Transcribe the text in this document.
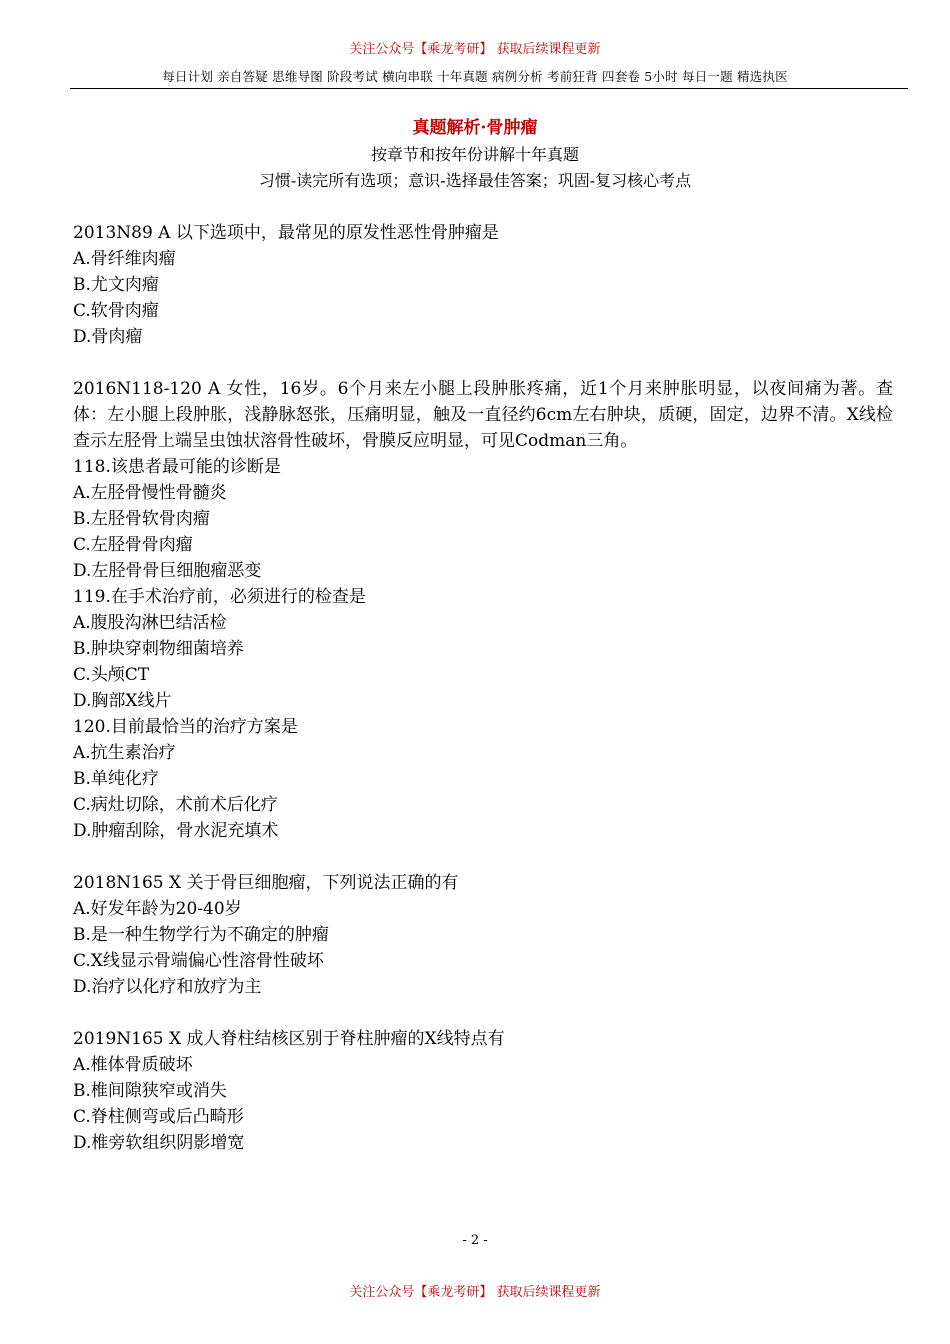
关注公众号【乘龙考研】 获取后续课程更新
每日计划 亲自答疑 思维导图 阶段考试 横向串联 十年真题 病例分析 考前狂背 四套卷 5小时 每日一题 精选执医
真题解析·骨肿瘤
按章节和按年份讲解十年真题
习惯-读完所有选项；意识-选择最佳答案；巩固-复习核心考点
2013N89 A 以下选项中，最常见的原发性恶性骨肿瘤是
A.骨纤维肉瘤
B.尤文肉瘤
C.软骨肉瘤
D.骨肉瘤
2016N118-120 A 女性，16岁。6个月来左小腿上段肿胀疼痛，近1个月来肿胀明显，以夜间痛为著。查体：左小腿上段肿胀，浅静脉怒张，压痛明显，触及一直径约6cm左右肿块，质硬，固定，边界不清。X线检查示左胫骨上端呈虫蚀状溶骨性破坏，骨膜反应明显，可见Codman三角。
118.该患者最可能的诊断是
A.左胫骨慢性骨髓炎
B.左胫骨软骨肉瘤
C.左胫骨骨肉瘤
D.左胫骨骨巨细胞瘤恶变
119.在手术治疗前，必须进行的检查是
A.腹股沟淋巴结活检
B.肿块穿刺物细菌培养
C.头颅CT
D.胸部X线片
120.目前最恰当的治疗方案是
A.抗生素治疗
B.单纯化疗
C.病灶切除，术前术后化疗
D.肿瘤刮除，骨水泥充填术
2018N165 X 关于骨巨细胞瘤，下列说法正确的有
A.好发年龄为20-40岁
B.是一种生物学行为不确定的肿瘤
C.X线显示骨端偏心性溶骨性破坏
D.治疗以化疗和放疗为主
2019N165 X 成人脊柱结核区别于脊柱肿瘤的X线特点有
A.椎体骨质破坏
B.椎间隙狭窄或消失
C.脊柱侧弯或后凸畸形
D.椎旁软组织阴影增宽
- 2 -
关注公众号【乘龙考研】 获取后续课程更新
